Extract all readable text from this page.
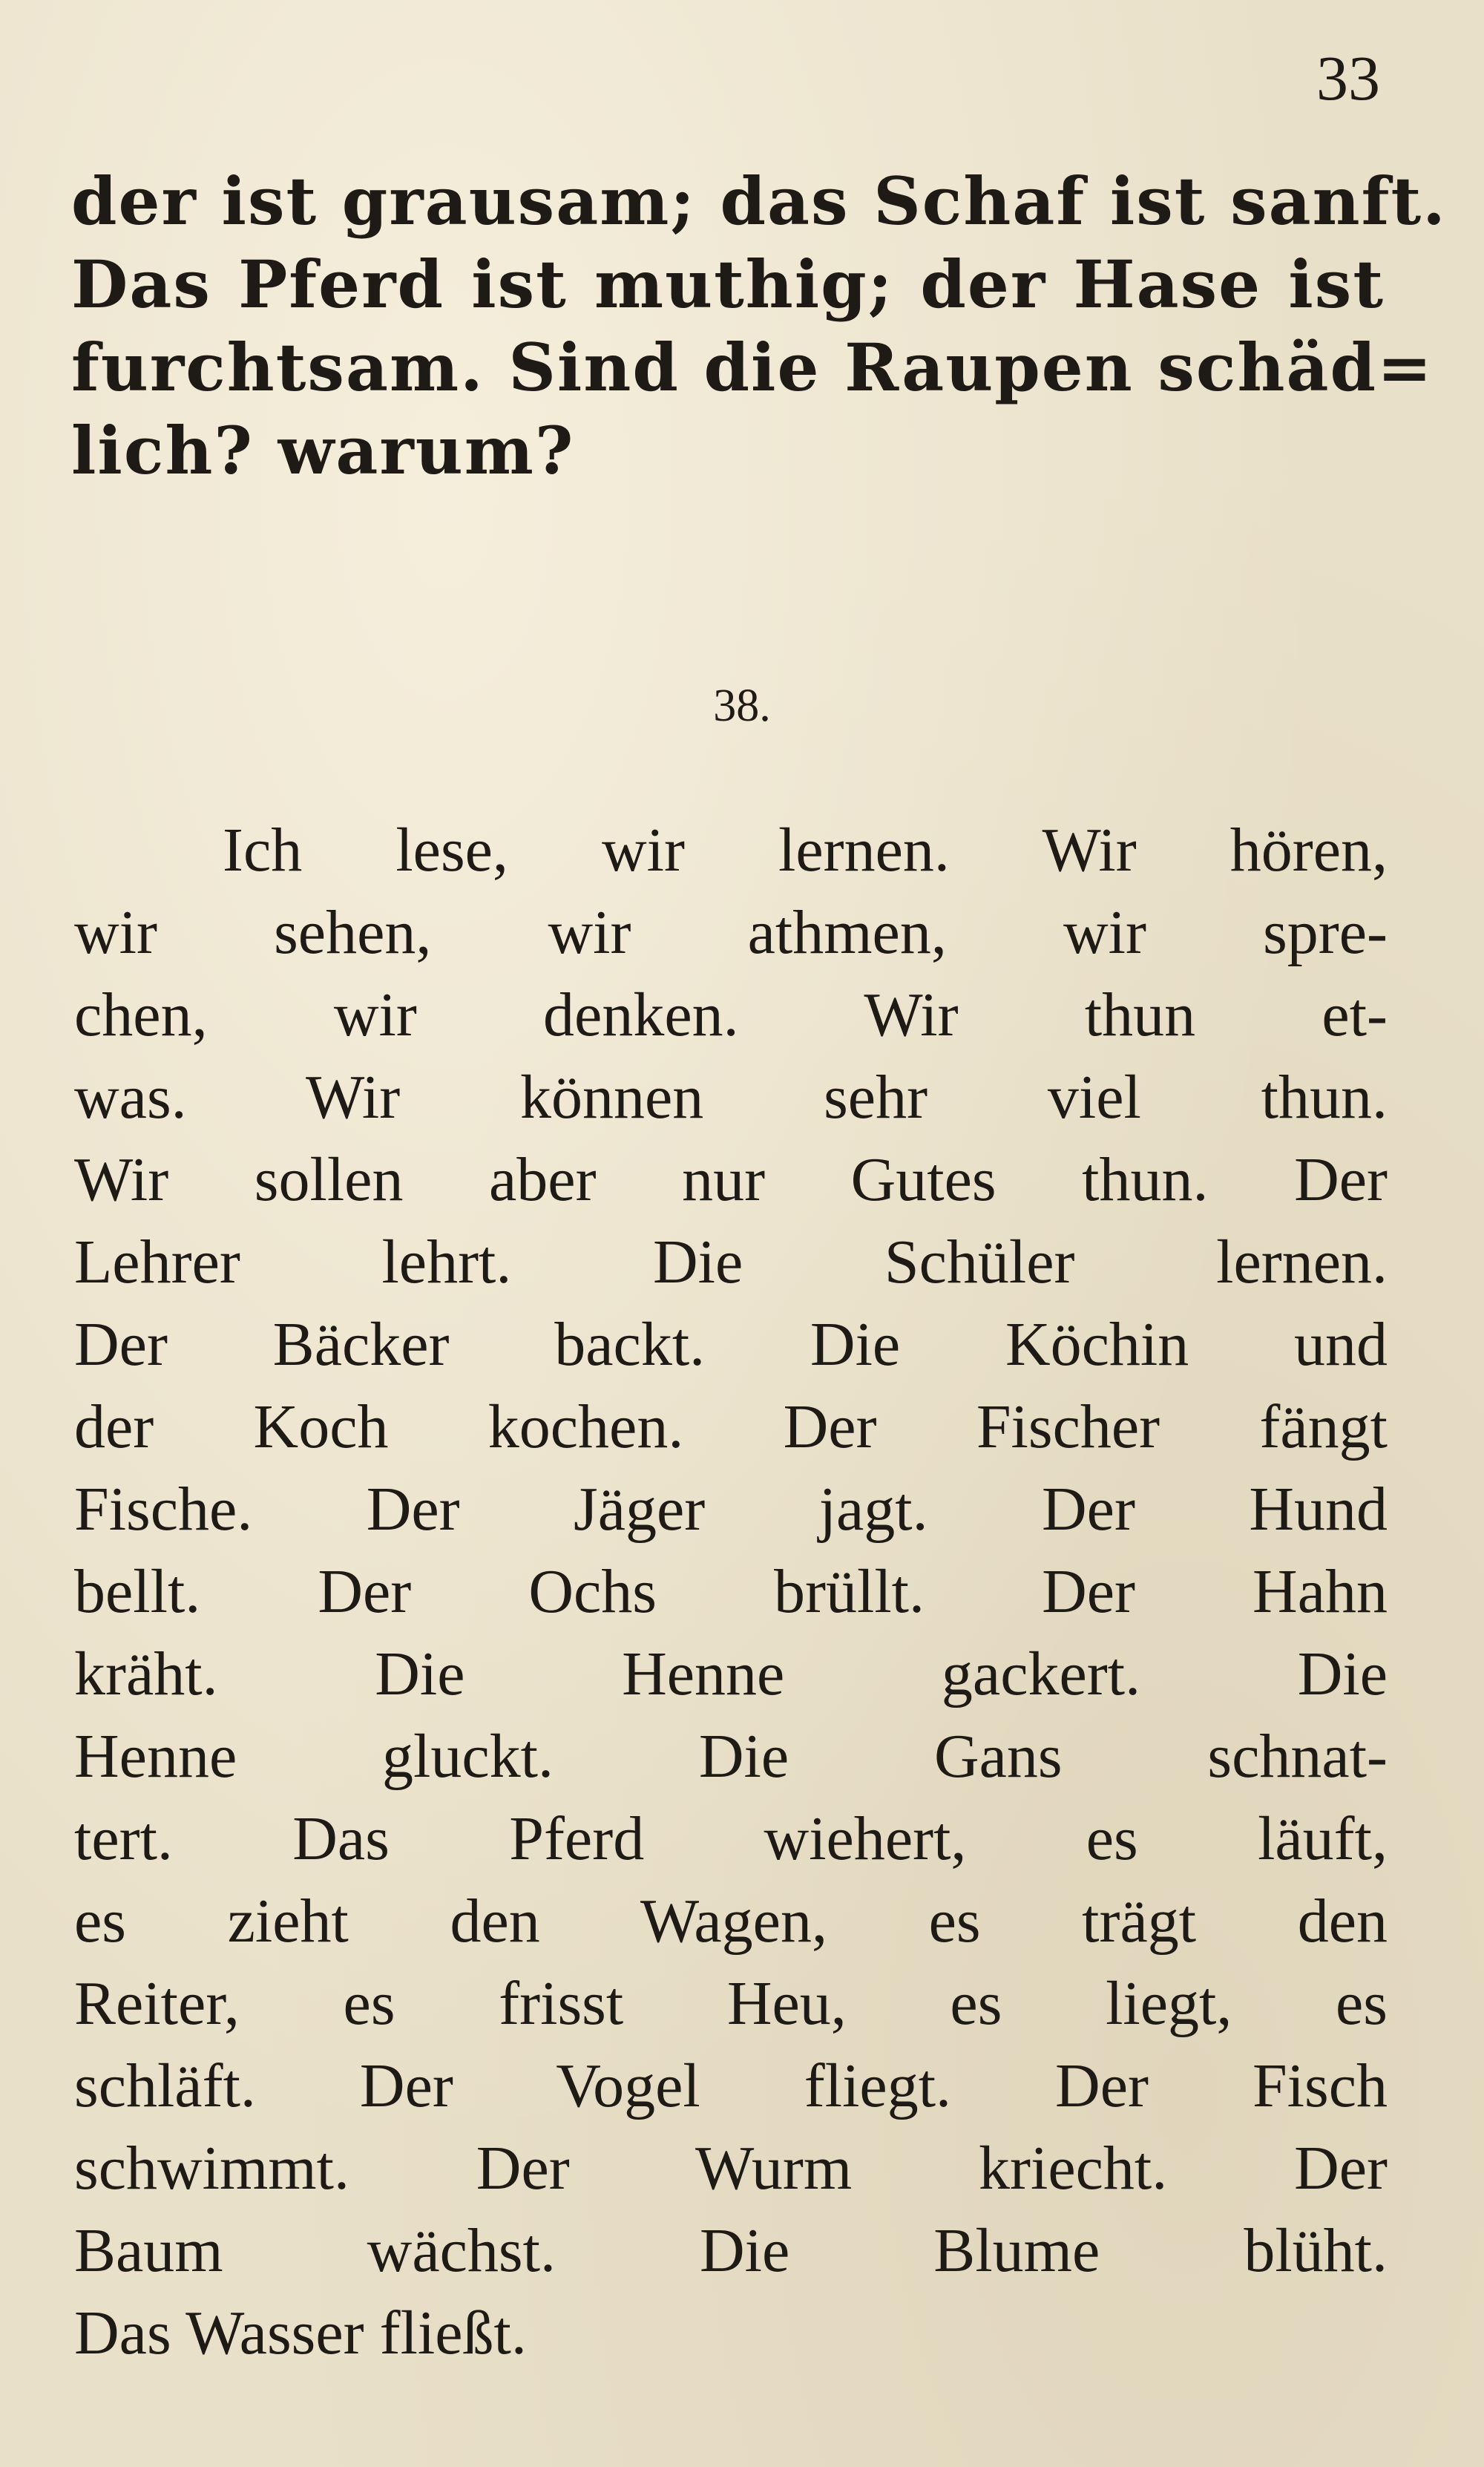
33
der ist grausam; das Schaf ist sanft.
Das Pferd ist muthig; der Hase ist
furchtsam. Sind die Raupen schäd=
lich? warum?
38.
Ich lese, wir lernen. Wir hören,
wir sehen, wir athmen, wir spre-
chen, wir denken. Wir thun et-
was. Wir können sehr viel thun.
Wir sollen aber nur Gutes thun. Der
Lehrer lehrt. Die Schüler lernen.
Der Bäcker backt. Die Köchin und
der Koch kochen. Der Fischer fängt
Fische. Der Jäger jagt. Der Hund
bellt. Der Ochs brüllt. Der Hahn
kräht. Die Henne gackert. Die
Henne gluckt. Die Gans schnat-
tert. Das Pferd wiehert, es läuft,
es zieht den Wagen, es trägt den
Reiter, es frisst Heu, es liegt, es
schläft. Der Vogel fliegt. Der Fisch
schwimmt. Der Wurm kriecht. Der
Baum wächst. Die Blume blüht.
Das Wasser fließt.
